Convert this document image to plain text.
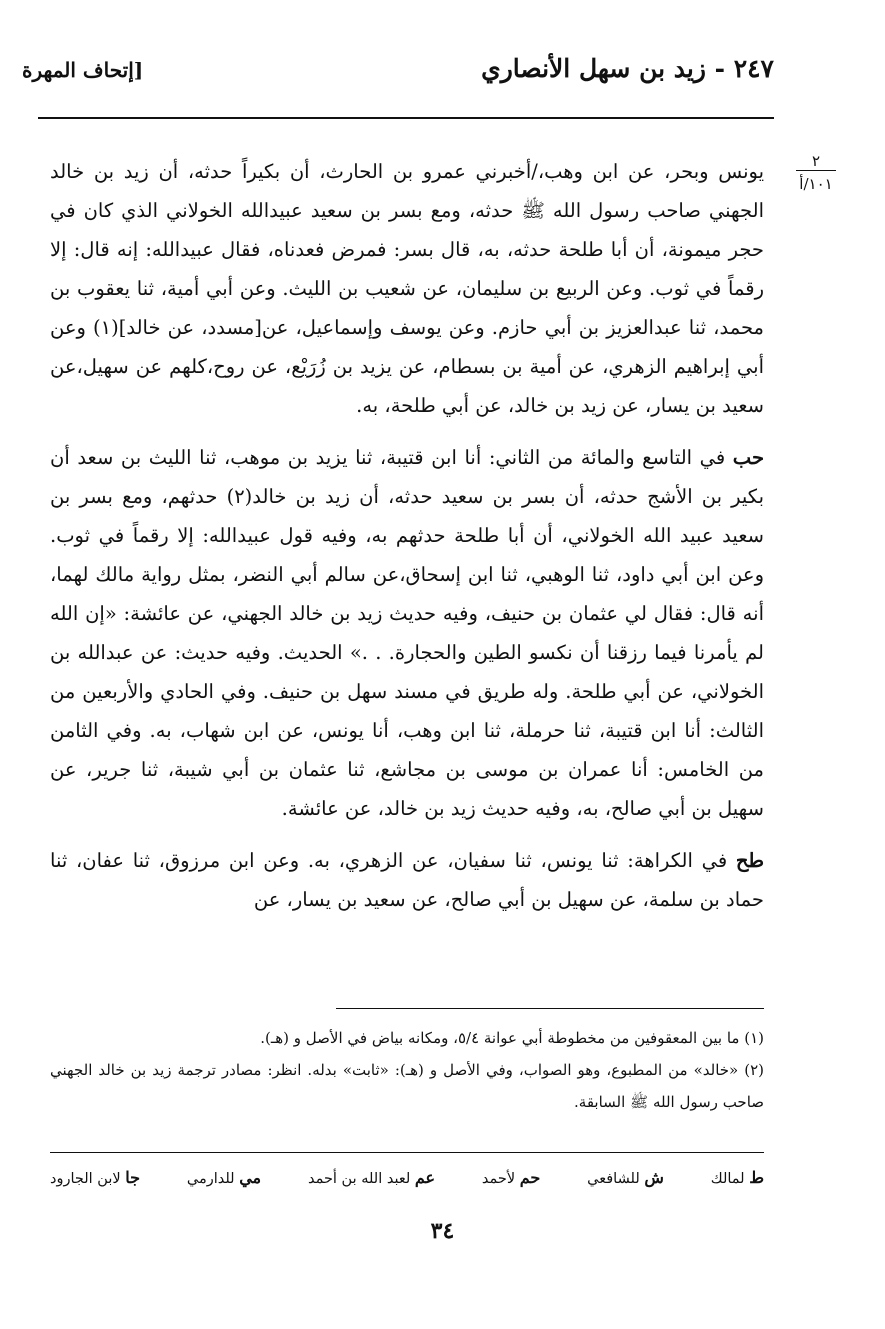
٢٤٧ - زيد بن سهل الأنصاري
[إتحاف المهرة
٢
١٠١/أ

يونس وبحر، عن ابن وهب،/أخبرني عمرو بن الحارث، أن بكيراً حدثه، أن زيد بن خالد الجهني صاحب رسول الله ﷺ حدثه، ومع بسر بن سعيد عبيدالله الخولاني الذي كان في حجر ميمونة، أن أبا طلحة حدثه، به، قال بسر: فمرض فعدناه، فقال عبيدالله: إنه قال: إلا رقماً في ثوب. وعن الربيع بن سليمان، عن شعيب بن الليث. وعن أبي أمية، ثنا يعقوب بن محمد، ثنا عبدالعزيز بن أبي حازم. وعن يوسف وإسماعيل، عن[مسدد، عن خالد](١) وعن أبي إبراهيم الزهري، عن أمية بن بسطام، عن يزيد بن زُرَيْع، عن روح،كلهم عن سهيل،عن سعيد بن يسار، عن زيد بن خالد، عن أبي طلحة، به.

حب في التاسع والمائة من الثاني: أنا ابن قتيبة، ثنا يزيد بن موهب، ثنا الليث بن سعد أن بكير بن الأشج حدثه، أن بسر بن سعيد حدثه، أن زيد بن خالد(٢) حدثهم، ومع بسر بن سعيد عبيد الله الخولاني، أن أبا طلحة حدثهم به، وفيه قول عبيدالله: إلا رقماً في ثوب. وعن ابن أبي داود، ثنا الوهبي، ثنا ابن إسحاق،عن سالم أبي النضر، بمثل رواية مالك لهما، أنه قال: فقال لي عثمان بن حنيف، وفيه حديث زيد بن خالد الجهني، عن عائشة: «إن الله لم يأمرنا فيما رزقنا أن نكسو الطين والحجارة. . .» الحديث. وفيه حديث: عن عبدالله بن الخولاني، عن أبي طلحة. وله طريق في مسند سهل بن حنيف. وفي الحادي والأربعين من الثالث: أنا ابن قتيبة، ثنا حرملة، ثنا ابن وهب، أنا يونس، عن ابن شهاب، به. وفي الثامن من الخامس: أنا عمران بن موسى بن مجاشع، ثنا عثمان بن أبي شيبة، ثنا جرير، عن سهيل بن أبي صالح، به، وفيه حديث زيد بن خالد، عن عائشة.

طح في الكراهة: ثنا يونس، ثنا سفيان، عن الزهري، به. وعن ابن مرزوق، ثنا عفان، ثنا حماد بن سلمة، عن سهيل بن أبي صالح، عن سعيد بن يسار، عن

(١) ما بين المعقوفين من مخطوطة أبي عوانة ٥/٤، ومكانه بياض في الأصل و (هـ).

(٢) «خالد» من المطبوع، وهو الصواب، وفي الأصل و (هـ): «ثابت» بدله. انظر: مصادر ترجمة زيد بن خالد الجهني صاحب رسول الله ﷺ السابقة.

ط لمالك
ش للشافعي
حم لأحمد
عم لعبد الله بن أحمد
مي للدارمي
جا لابن الجارود
٣٤
